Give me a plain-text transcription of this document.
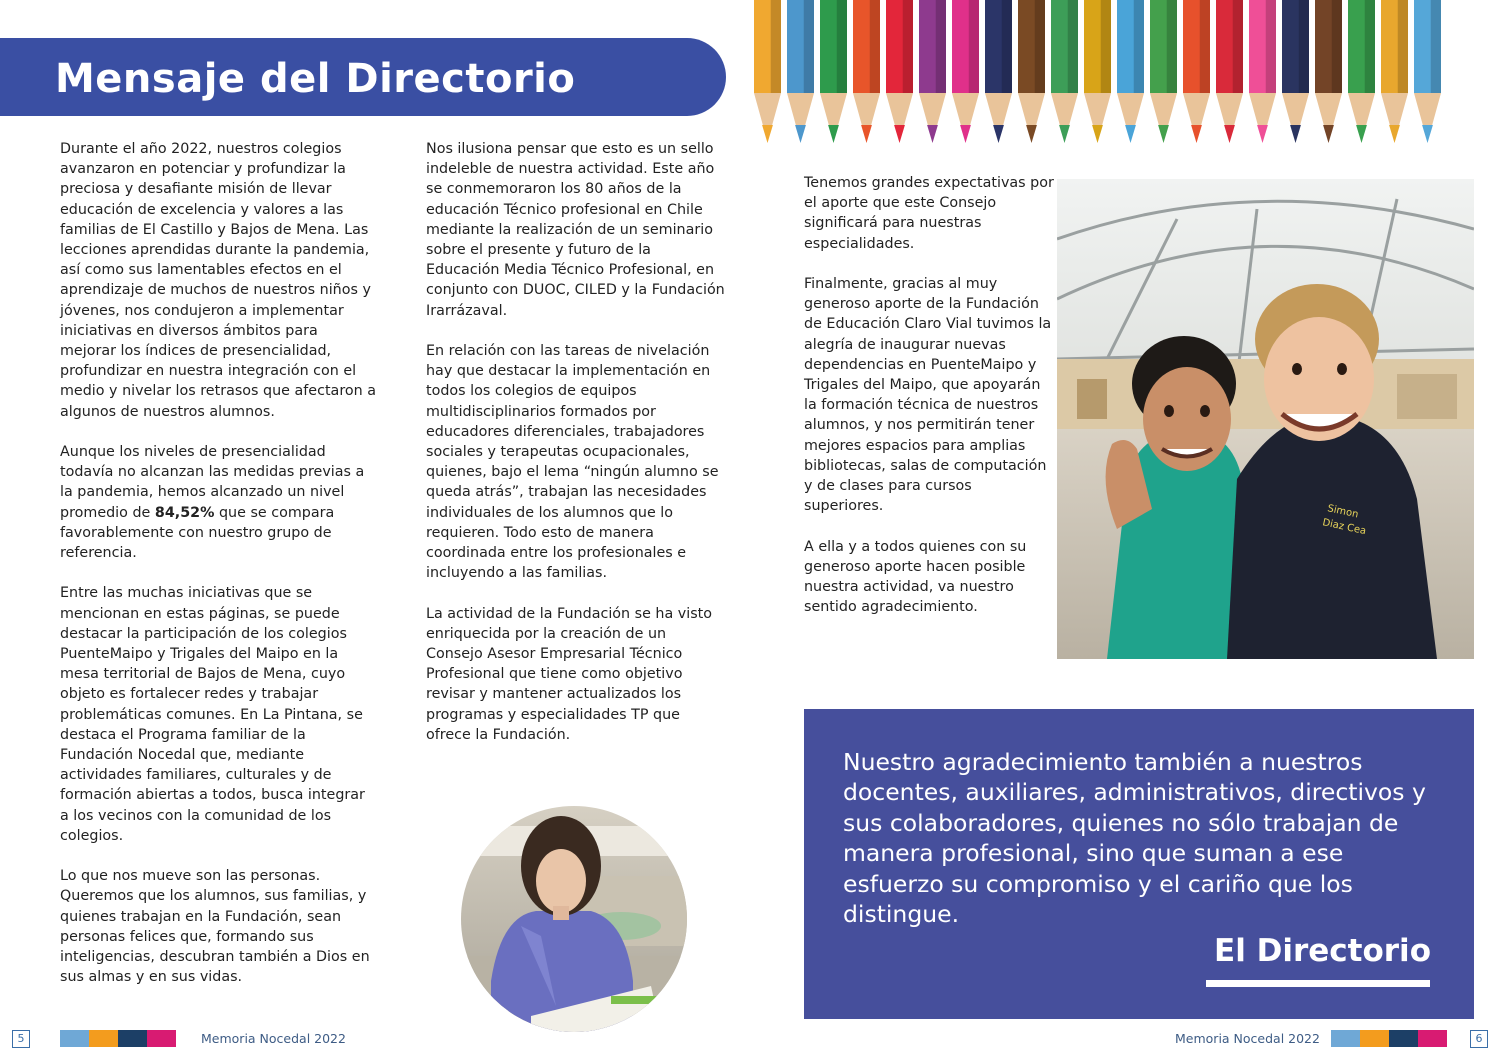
Mensaje del Directorio

Durante el año 2022, nuestros colegios avanzaron en potenciar y profundizar la preciosa y desafiante misión de llevar educación de excelencia y valores a las familias de El Castillo y Bajos de Mena. Las lecciones aprendidas durante la pandemia, así como sus lamentables efectos en el aprendizaje de muchos de nuestros niños y jóvenes, nos condujeron a implementar iniciativas en diversos ámbitos para mejorar los índices de presencialidad, profundizar en nuestra integración con el medio y nivelar los retrasos que afectaron a algunos de nuestros alumnos.

Aunque los niveles de presencialidad todavía no alcanzan las medidas previas a la pandemia, hemos alcanzado un nivel promedio de 84,52% que se compara favorablemente con nuestro grupo de referencia.

Entre las muchas iniciativas que se mencionan en estas páginas, se puede destacar la participación de los colegios PuenteMaipo y Trigales del Maipo en la mesa territorial de Bajos de Mena, cuyo objeto es fortalecer redes y trabajar problemáticas comunes. En La Pintana, se destaca el Programa familiar de la Fundación Nocedal que, mediante actividades familiares, culturales y de formación abiertas a todos, busca integrar a los vecinos con la comunidad de los colegios.

Lo que nos mueve son las personas. Queremos que los alumnos, sus familias, y quienes trabajan en la Fundación, sean personas felices que, formando sus inteligencias, descubran también a Dios en sus almas y en sus vidas.

Nos ilusiona pensar que esto es un sello indeleble de nuestra actividad. Este año se conmemoraron los 80 años de la educación Técnico profesional en Chile mediante la realización de un seminario sobre el presente y futuro de la Educación Media Técnico Profesional, en conjunto con DUOC, CILED y la Fundación Irarrázaval.

En relación con las tareas de nivelación hay que destacar la implementación en todos los colegios de equipos multidisciplinarios formados por educadores diferenciales, trabajadores sociales y terapeutas ocupacionales, quienes, bajo el lema “ningún alumno se queda atrás”, trabajan las necesidades individuales de los alumnos que lo requieren. Todo esto de manera coordinada entre los profesionales e incluyendo a las familias.

La actividad de la Fundación se ha visto enriquecida por la creación de un Consejo Asesor Empresarial Técnico Profesional que tiene como objetivo revisar y mantener actualizados los programas y especialidades TP que ofrece la Fundación.

Tenemos grandes expectativas por el aporte que este Consejo significará para nuestras especialidades.

Finalmente, gracias al muy generoso aporte de la Fundación de Educación Claro Vial tuvimos la alegría de inaugurar nuevas dependencias en PuenteMaipo y Trigales del Maipo, que apoyarán la formación técnica de nuestros alumnos, y nos permitirán tener mejores espacios para amplias bibliotecas, salas de computación y de clases para cursos superiores.

A ella y a todos quienes con su generoso aporte hacen posible nuestra actividad, va nuestro sentido agradecimiento.

Simon
Diaz Cea

Nuestro agradecimiento también a nuestros docentes, auxiliares, administrativos, directivos y sus colaboradores, quienes no sólo trabajan de manera profesional, sino que suman a ese esfuerzo su compromiso y el cariño que los distingue.

El Directorio

5	Memoria Nocedal 2022	Memoria Nocedal 2022	6
